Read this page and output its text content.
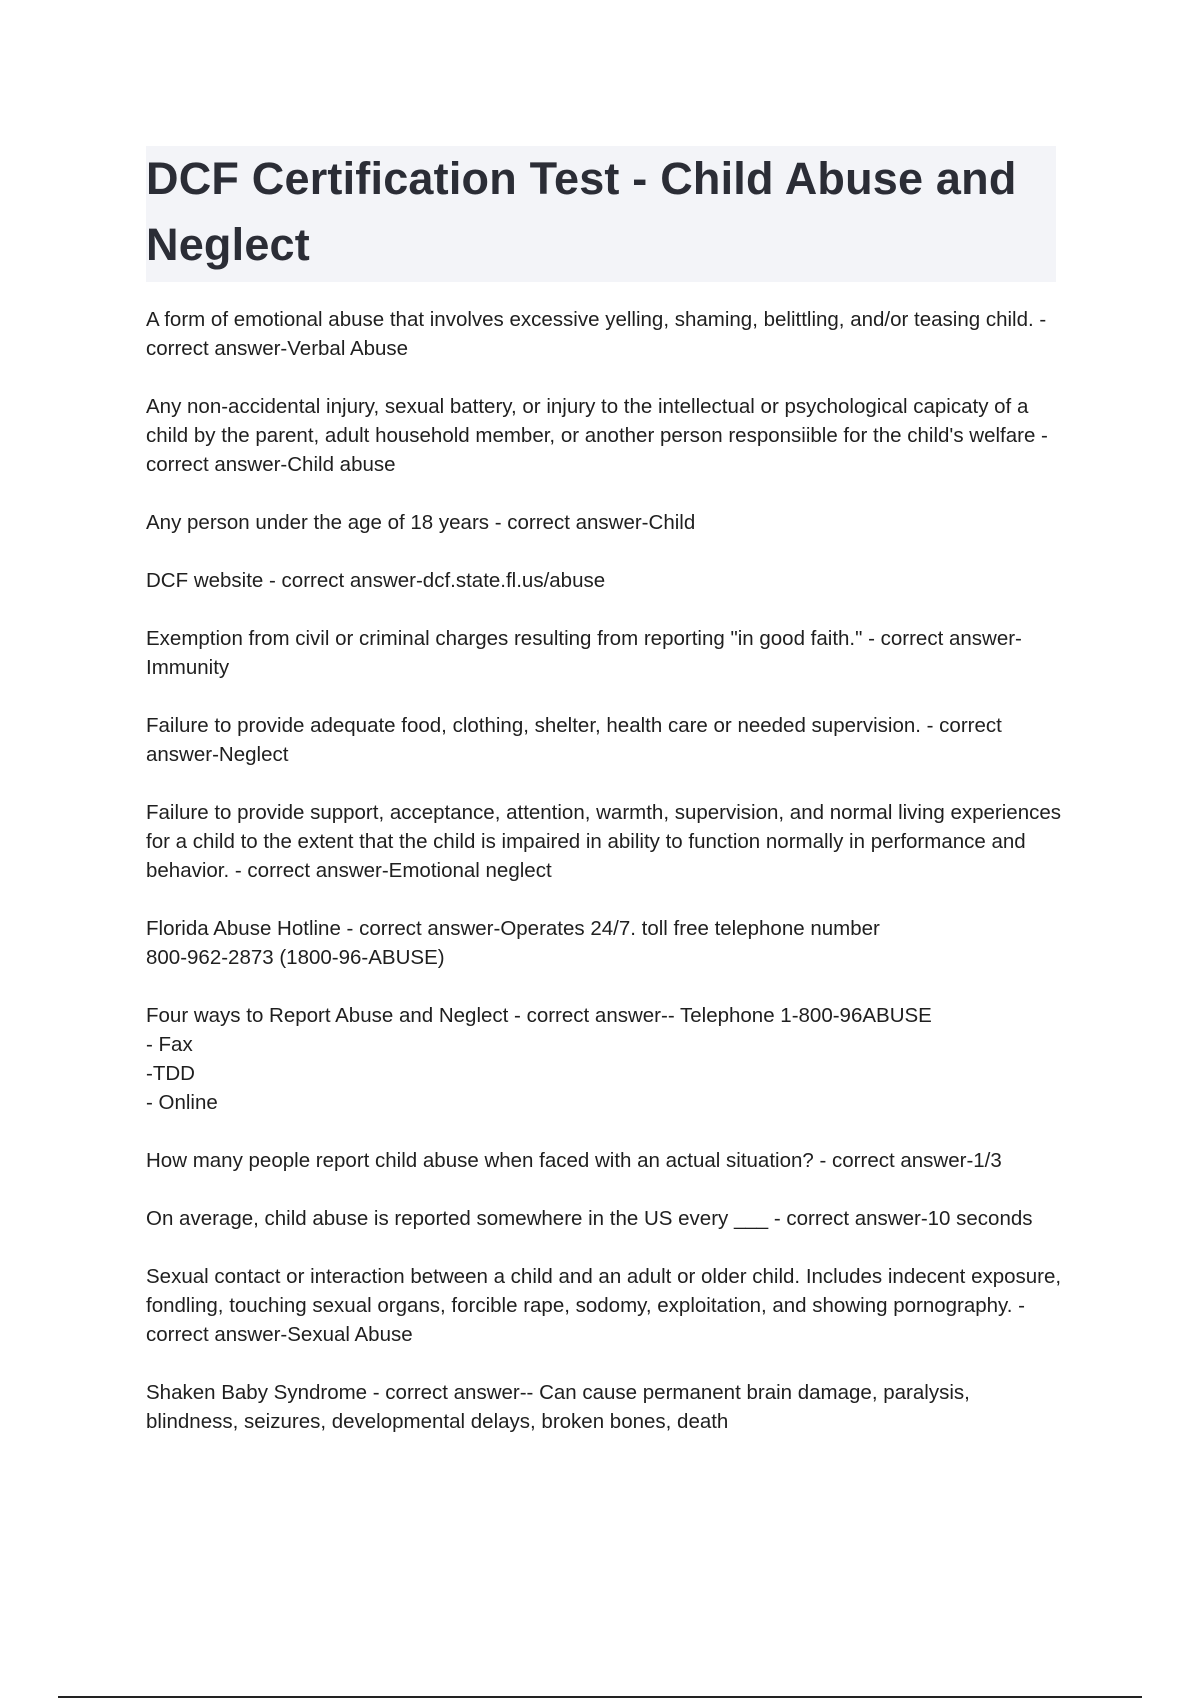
DCF Certification Test - Child Abuse and Neglect

A form of emotional abuse that involves excessive yelling, shaming, belittling, and/or teasing child. - correct answer-Verbal Abuse

Any non-accidental injury, sexual battery, or injury to the intellectual or psychological capicaty of a child by the parent, adult household member, or another person responsiible for the child's welfare - correct answer-Child abuse

Any person under the age of 18 years - correct answer-Child

DCF website - correct answer-dcf.state.fl.us/abuse

Exemption from civil or criminal charges resulting from reporting "in good faith." - correct answer-Immunity

Failure to provide adequate food, clothing, shelter, health care or needed supervision. - correct answer-Neglect

Failure to provide support, acceptance, attention, warmth, supervision, and normal living experiences for a child to the extent that the child is impaired in ability to function normally in performance and behavior. - correct answer-Emotional neglect

Florida Abuse Hotline - correct answer-Operates 24/7. toll free telephone number
800-962-2873 (1800-96-ABUSE)

Four ways to Report Abuse and Neglect - correct answer-- Telephone 1-800-96ABUSE
- Fax
-TDD
- Online

How many people report child abuse when faced with an actual situation? - correct answer-1/3

On average, child abuse is reported somewhere in the US every ___ - correct answer-10 seconds

Sexual contact or interaction between a child and an adult or older child. Includes indecent exposure, fondling, touching sexual organs, forcible rape, sodomy, exploitation, and showing pornography. - correct answer-Sexual Abuse

Shaken Baby Syndrome - correct answer-- Can cause permanent brain damage, paralysis, blindness, seizures, developmental delays, broken bones, death
